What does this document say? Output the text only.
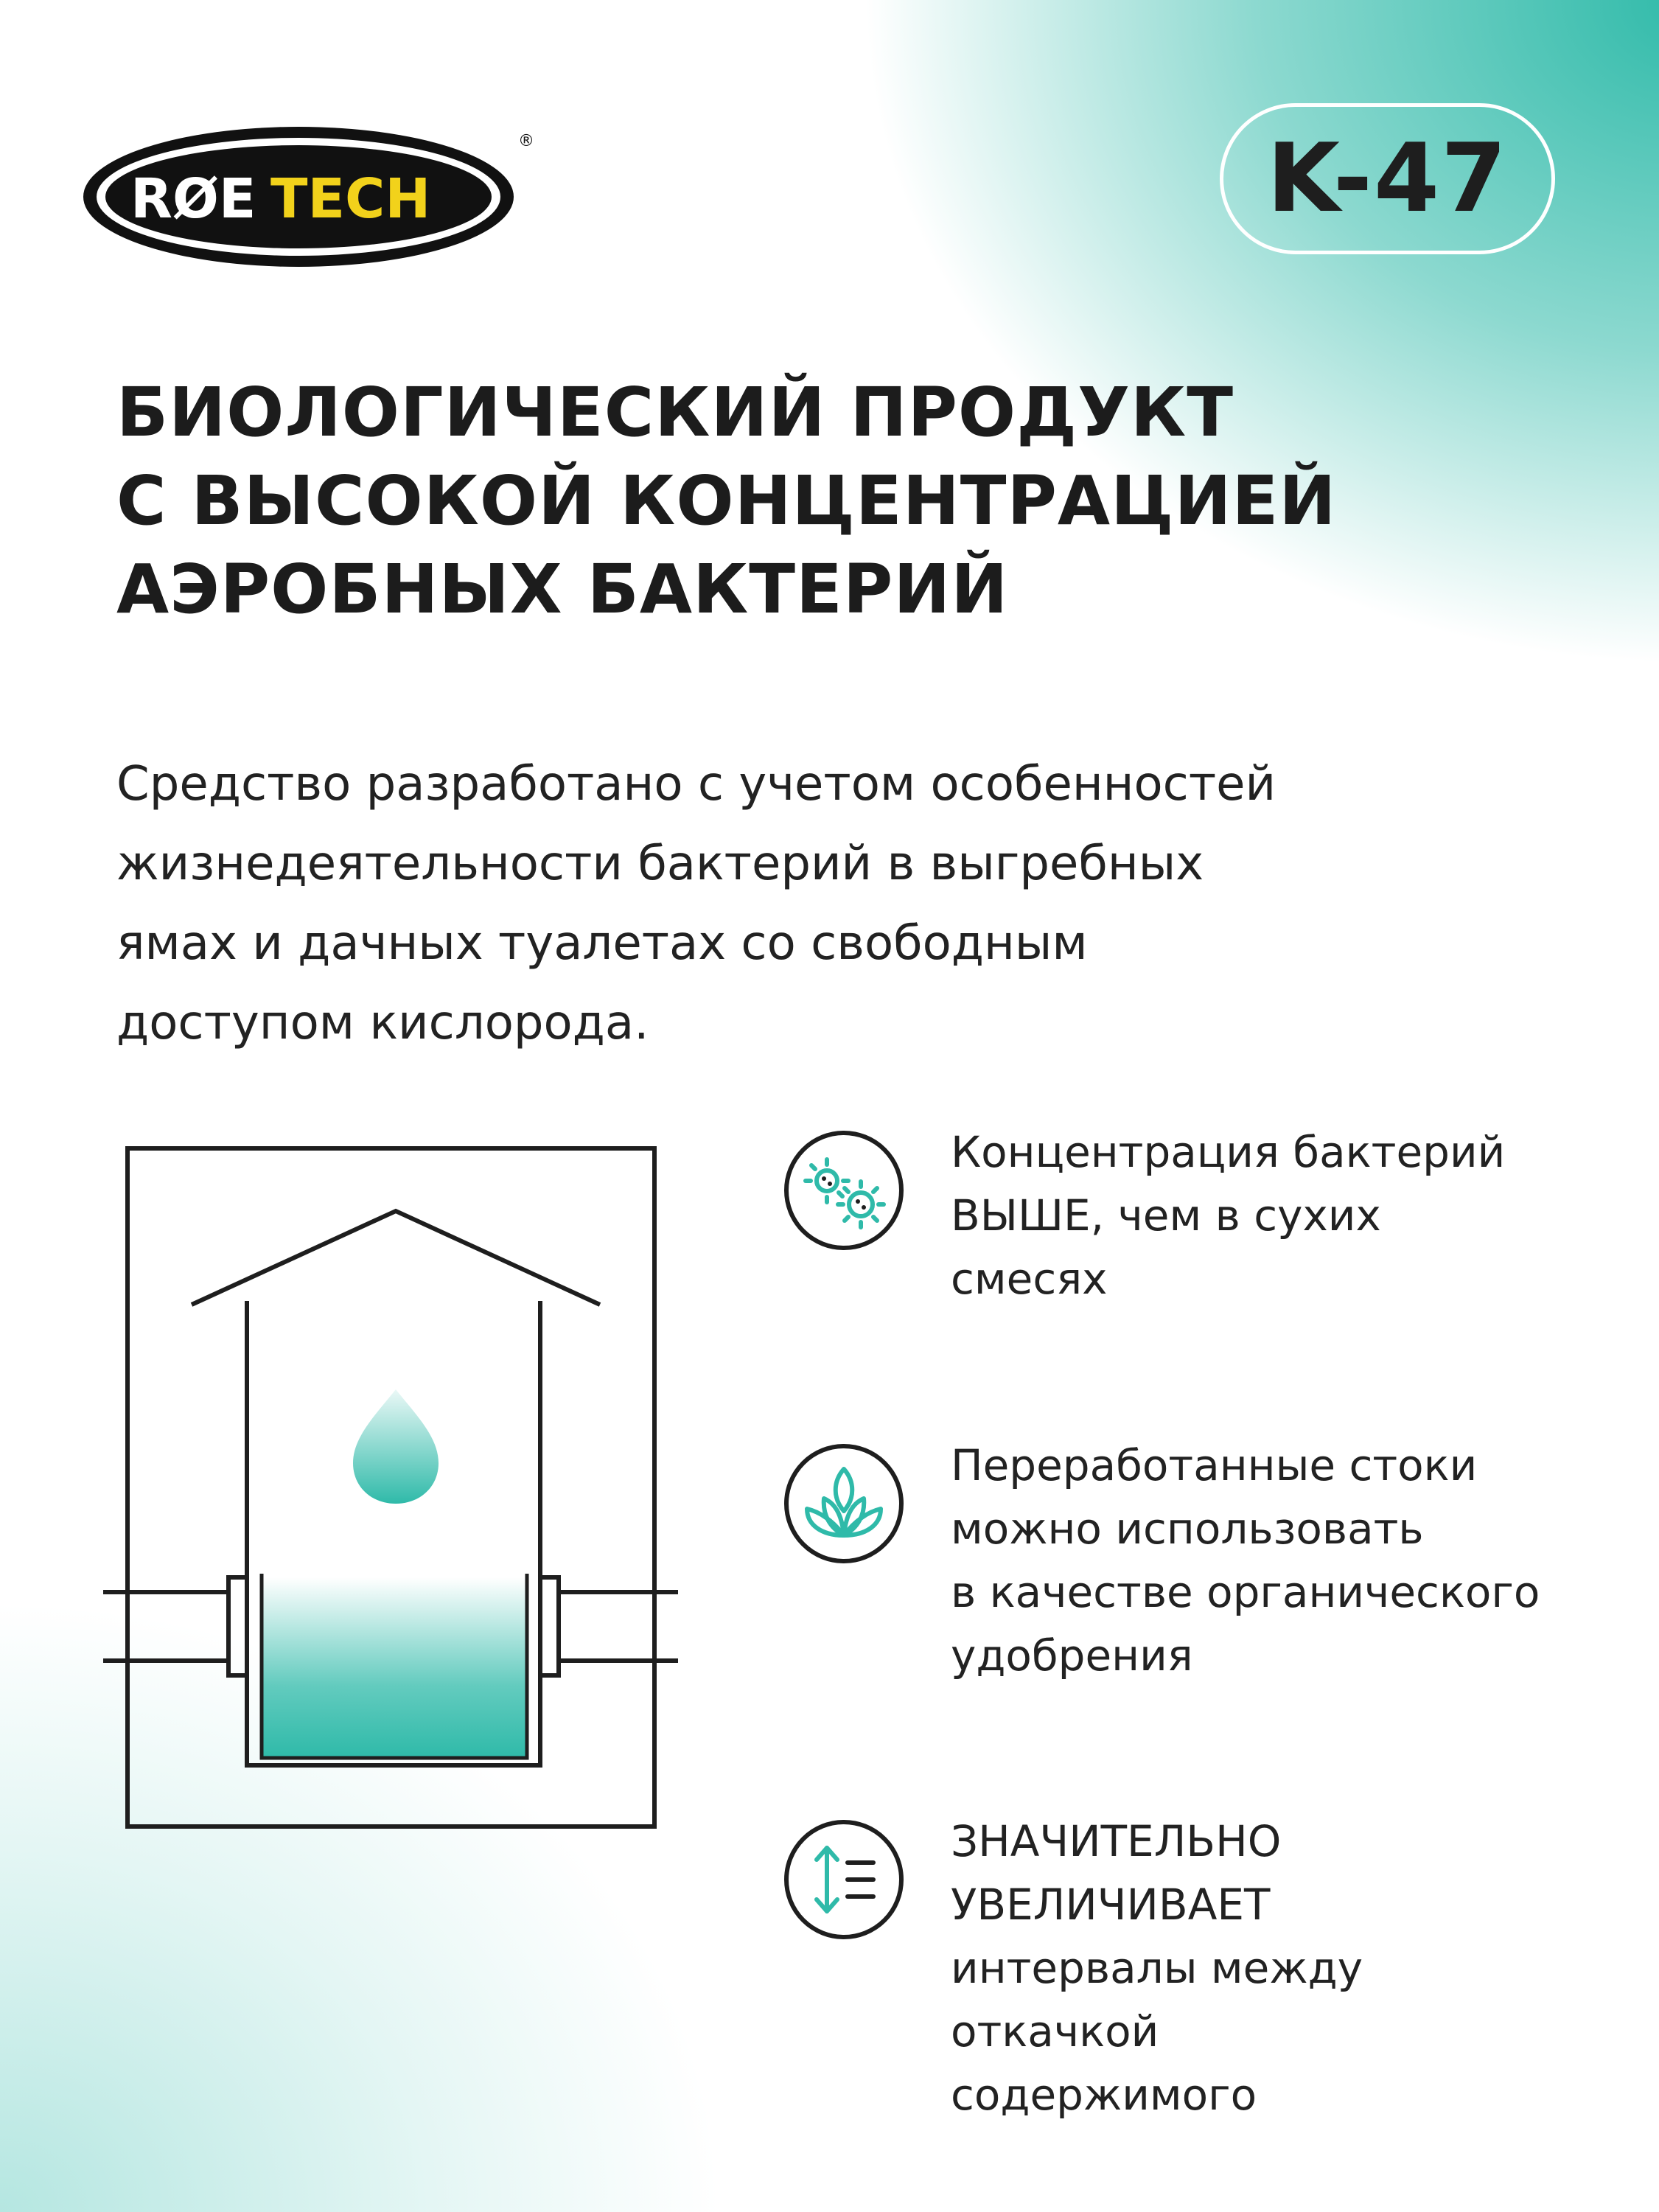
RØE TECH
®	K-47
БИОЛОГИЧЕСКИЙ ПРОДУКТ
С ВЫСОКОЙ КОНЦЕНТРАЦИЕЙ
АЭРОБНЫХ БАКТЕРИЙ
Средство разработано с учетом особенностей
жизнедеятельности бактерий в выгребных
ямах и дачных туалетах со свободным
доступом кислорода.
Концентрация бактерий
ВЫШЕ, чем в сухих
смесях
Переработанные стоки
можно использовать
в качестве органического
удобрения
ЗНАЧИТЕЛЬНО
УВЕЛИЧИВАЕТ
интервалы между
откачкой
содержимого
